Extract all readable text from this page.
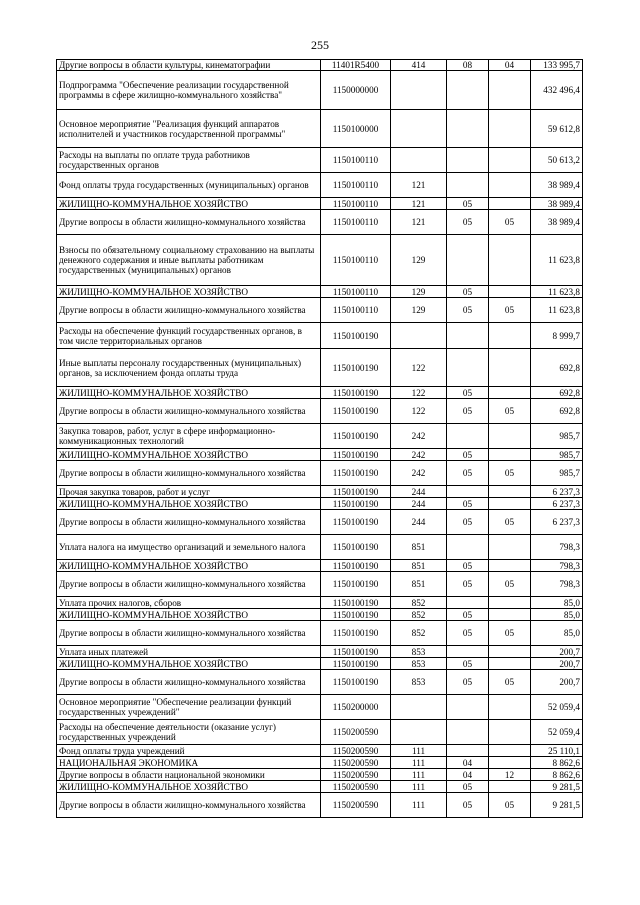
255
Другие вопросы в области культуры, кинематографии	11401R5400	414	08	04	133 995,7
Подпрограмма "Обеспечение реализации государственной программы в сфере жилищно-коммунального хозяйства"	1150000000				432 496,4
Основное мероприятие "Реализация функций аппаратов исполнителей и участников государственной программы"	1150100000				59 612,8
Расходы на выплаты по оплате труда работников государственных органов	1150100110				50 613,2
Фонд оплаты труда государственных (муниципальных) органов	1150100110	121			38 989,4
ЖИЛИЩНО-КОММУНАЛЬНОЕ ХОЗЯЙСТВО	1150100110	121	05		38 989,4
Другие вопросы в области жилищно-коммунального хозяйства	1150100110	121	05	05	38 989,4
Взносы по обязательному социальному страхованию на выплаты денежного содержания и иные выплаты работникам государственных (муниципальных) органов	1150100110	129			11 623,8
ЖИЛИЩНО-КОММУНАЛЬНОЕ ХОЗЯЙСТВО	1150100110	129	05		11 623,8
Другие вопросы в области жилищно-коммунального хозяйства	1150100110	129	05	05	11 623,8
Расходы на обеспечение функций государственных органов, в том числе территориальных органов	1150100190				8 999,7
Иные выплаты персоналу государственных (муниципальных) органов, за исключением фонда оплаты труда	1150100190	122			692,8
ЖИЛИЩНО-КОММУНАЛЬНОЕ ХОЗЯЙСТВО	1150100190	122	05		692,8
Другие вопросы в области жилищно-коммунального хозяйства	1150100190	122	05	05	692,8
Закупка товаров, работ, услуг в сфере информационно-коммуникационных технологий	1150100190	242			985,7
ЖИЛИЩНО-КОММУНАЛЬНОЕ ХОЗЯЙСТВО	1150100190	242	05		985,7
Другие вопросы в области жилищно-коммунального хозяйства	1150100190	242	05	05	985,7
Прочая закупка товаров, работ и услуг	1150100190	244			6 237,3
ЖИЛИЩНО-КОММУНАЛЬНОЕ ХОЗЯЙСТВО	1150100190	244	05		6 237,3
Другие вопросы в области жилищно-коммунального хозяйства	1150100190	244	05	05	6 237,3
Уплата налога на имущество организаций и земельного налога	1150100190	851			798,3
ЖИЛИЩНО-КОММУНАЛЬНОЕ ХОЗЯЙСТВО	1150100190	851	05		798,3
Другие вопросы в области жилищно-коммунального хозяйства	1150100190	851	05	05	798,3
Уплата прочих налогов, сборов	1150100190	852			85,0
ЖИЛИЩНО-КОММУНАЛЬНОЕ ХОЗЯЙСТВО	1150100190	852	05		85,0
Другие вопросы в области жилищно-коммунального хозяйства	1150100190	852	05	05	85,0
Уплата иных платежей	1150100190	853			200,7
ЖИЛИЩНО-КОММУНАЛЬНОЕ ХОЗЯЙСТВО	1150100190	853	05		200,7
Другие вопросы в области жилищно-коммунального хозяйства	1150100190	853	05	05	200,7
Основное мероприятие "Обеспечение реализации функций государственных учреждений"	1150200000				52 059,4
Расходы на обеспечение деятельности (оказание услуг) государственных учреждений	1150200590				52 059,4
Фонд оплаты труда учреждений	1150200590	111			25 110,1
НАЦИОНАЛЬНАЯ ЭКОНОМИКА	1150200590	111	04		8 862,6
Другие вопросы в области национальной экономики	1150200590	111	04	12	8 862,6
ЖИЛИЩНО-КОММУНАЛЬНОЕ ХОЗЯЙСТВО	1150200590	111	05		9 281,5
Другие вопросы в области жилищно-коммунального хозяйства	1150200590	111	05	05	9 281,5
